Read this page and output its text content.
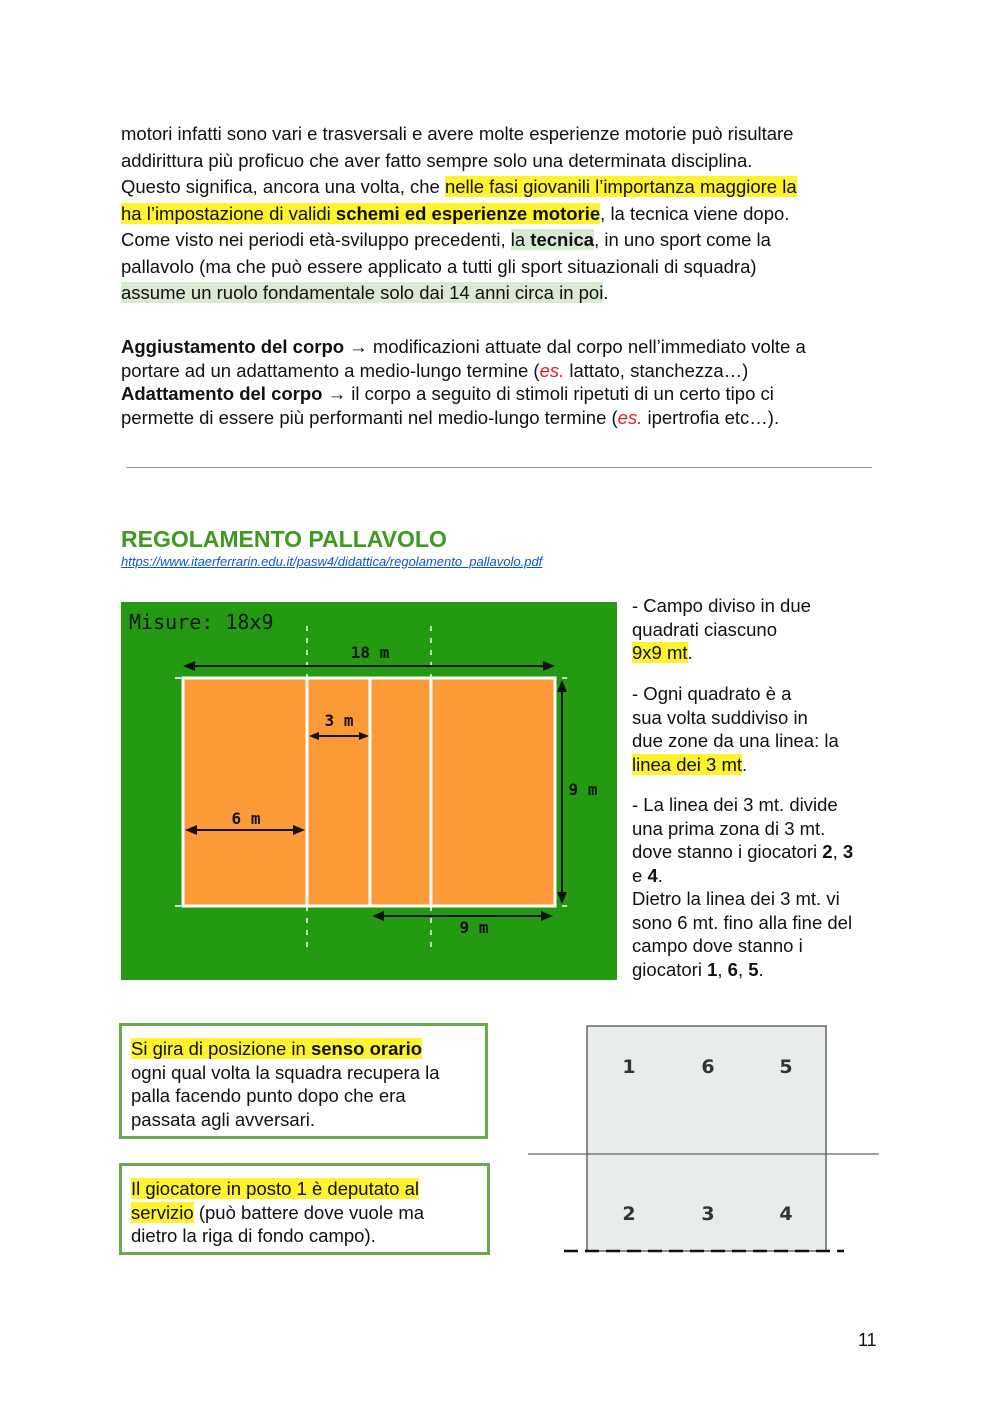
motori infatti sono vari e trasversali e avere molte esperienze motorie può risultare
addirittura più proficuo che aver fatto sempre solo una determinata disciplina.
Questo significa, ancora una volta, che nelle fasi giovanili l’importanza maggiore la
ha l’impostazione di validi schemi ed esperienze motorie, la tecnica viene dopo.
Come visto nei periodi età-sviluppo precedenti, la tecnica, in uno sport come la
pallavolo (ma che può essere applicato a tutti gli sport situazionali di squadra)
assume un ruolo fondamentale solo dai 14 anni circa in poi.
Aggiustamento del corpo → modificazioni attuate dal corpo nell’immediato volte a
portare ad un adattamento a medio-lungo termine (es. lattato, stanchezza…)
Adattamento del corpo → il corpo a seguito di stimoli ripetuti di un certo tipo ci
permette di essere più performanti nel medio-lungo termine (es. ipertrofia etc…).
REGOLAMENTO PALLAVOLO
https://www.itaerferrarin.edu.it/pasw4/didattica/regolamento_pallavolo.pdf
Misure: 18x9
18 m
3 m
6 m
9 m
9 m
- Campo diviso in due
quadrati ciascuno
9x9 mt.
- Ogni quadrato è a
sua volta suddiviso in
due zone da una linea: la
linea dei 3 mt.
- La linea dei 3 mt. divide
una prima zona di 3 mt.
dove stanno i giocatori 2, 3
e 4.
Dietro la linea dei 3 mt. vi
sono 6 mt. fino alla fine del
campo dove stanno i
giocatori 1, 6, 5.
Si gira di posizione in senso orario
ogni qual volta la squadra recupera la
palla facendo punto dopo che era
passata agli avversari.
Il giocatore in posto 1 è deputato al
servizio (può battere dove vuole ma
dietro la riga di fondo campo).
1	6	5
2	3	4
11
